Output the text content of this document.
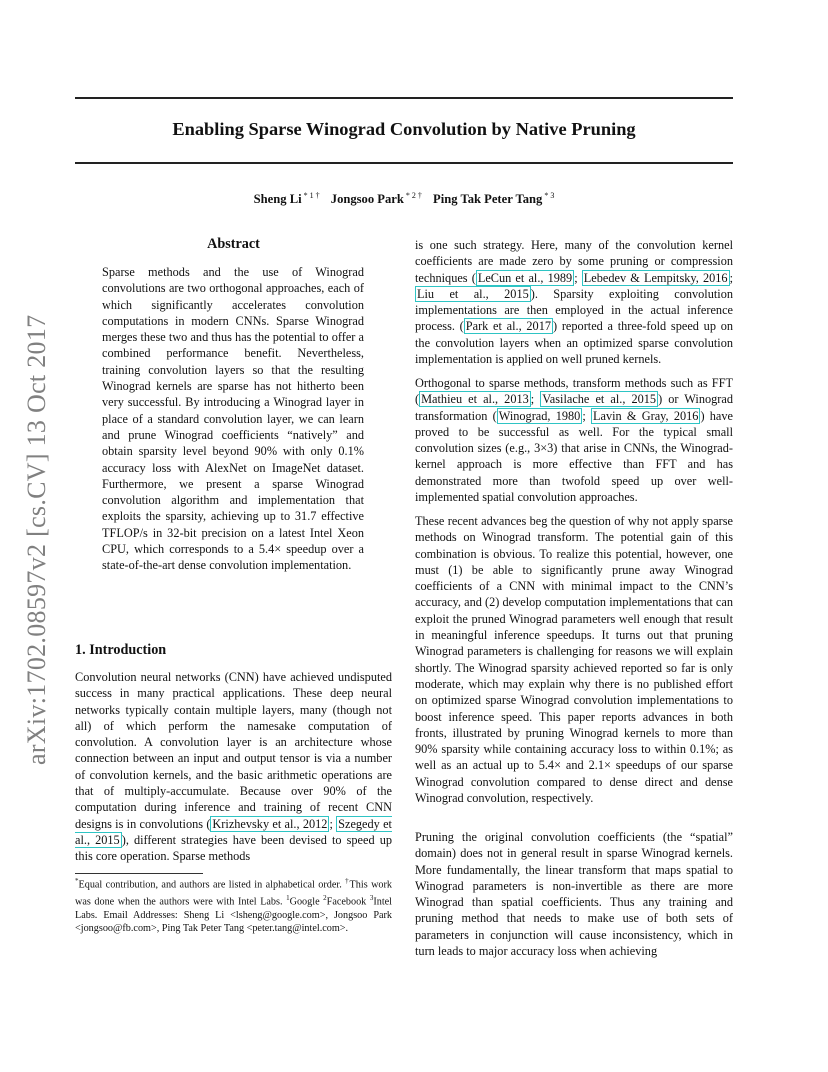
Enabling Sparse Winograd Convolution by Native Pruning
Sheng Li $^{* 1 \dagger}$ Jongsoo Park $^{* 2 \dagger}$ Ping Tak Peter Tang $^{* 3}$
arXiv:1702.08597v2 [cs.CV] 13 Oct 2017
Abstract

Sparse methods and the use of Winograd convolutions are two orthogonal approaches, each of which significantly accelerates convolution computations in modern CNNs. Sparse Winograd merges these two and thus has the potential to offer a combined performance benefit. Nevertheless, training convolution layers so that the resulting Winograd kernels are sparse has not hitherto been very successful. By introducing a Winograd layer in place of a standard convolution layer, we can learn and prune Winograd coefficients “natively” and obtain sparsity level beyond 90% with only 0.1% accuracy loss with AlexNet on ImageNet dataset. Furthermore, we present a sparse Winograd convolution algorithm and implementation that exploits the sparsity, achieving up to 31.7 effective TFLOP/s in 32-bit precision on a latest Intel Xeon CPU, which corresponds to a 5.4× speedup over a state-of-the-art dense convolution implementation.

1. Introduction

Convolution neural networks (CNN) have achieved undisputed success in many practical applications. These deep neural networks typically contain multiple layers, many (though not all) of which perform the namesake computation of convolution. A convolution layer is an architecture whose connection between an input and output tensor is via a number of convolution kernels, and the basic arithmetic operations are that of multiply-accumulate. Because over 90% of the computation during inference and training of recent CNN designs is in convolutions ( Krizhevsky et al., 2012 ; Szegedy et al., 2015 ), different strategies have been devised to speed up this core operation. Sparse methods

*Equal contribution, and authors are listed in alphabetical order. †This work was done when the authors were with Intel Labs. $^1$Google $^2$Facebook $^3$Intel Labs. Email Addresses: Sheng Li <lsheng@google.com>, Jongsoo Park <jongsoo@fb.com>, Ping Tak Peter Tang <peter.tang@intel.com>.

is one such strategy. Here, many of the convolution kernel coefficients are made zero by some pruning or compression techniques ( LeCun et al., 1989 ; Lebedev & Lempitsky, 2016 ; Liu et al., 2015 ). Sparsity exploiting convolution implementations are then employed in the actual inference process. ( Park et al., 2017 ) reported a three-fold speed up on the convolution layers when an optimized sparse convolution implementation is applied on well pruned kernels.

Orthogonal to sparse methods, transform methods such as FFT ( Mathieu et al., 2013 ; Vasilache et al., 2015 ) or Winograd transformation ( Winograd, 1980 ; Lavin & Gray, 2016 ) have proved to be successful as well. For the typical small convolution sizes (e.g., 3×3) that arise in CNNs, the Winograd-kernel approach is more effective than FFT and has demonstrated more than twofold speed up over well-implemented spatial convolution approaches.

These recent advances beg the question of why not apply sparse methods on Winograd transform. The potential gain of this combination is obvious. To realize this potential, however, one must (1) be able to significantly prune away Winograd coefficients of a CNN with minimal impact to the CNN’s accuracy, and (2) develop computation implementations that can exploit the pruned Winograd parameters well enough that result in meaningful inference speedups. It turns out that pruning Winograd parameters is challenging for reasons we will explain shortly. The Winograd sparsity achieved reported so far is only moderate, which may explain why there is no published effort on optimized sparse Winograd convolution implementations to boost inference speed. This paper reports advances in both fronts, illustrated by pruning Winograd kernels to more than 90% sparsity while containing accuracy loss to within 0.1%; as well as an actual up to 5.4× and 2.1× speedups of our sparse Winograd convolution compared to dense direct and dense Winograd convolution, respectively.

Pruning the original convolution coefficients (the “spatial” domain) does not in general result in sparse Winograd kernels. More fundamentally, the linear transform that maps spatial to Winograd parameters is non-invertible as there are more Winograd than spatial coefficients. Thus any training and pruning method that needs to make use of both sets of parameters in conjunction will cause inconsistency, which in turn leads to major accuracy loss when achieving
